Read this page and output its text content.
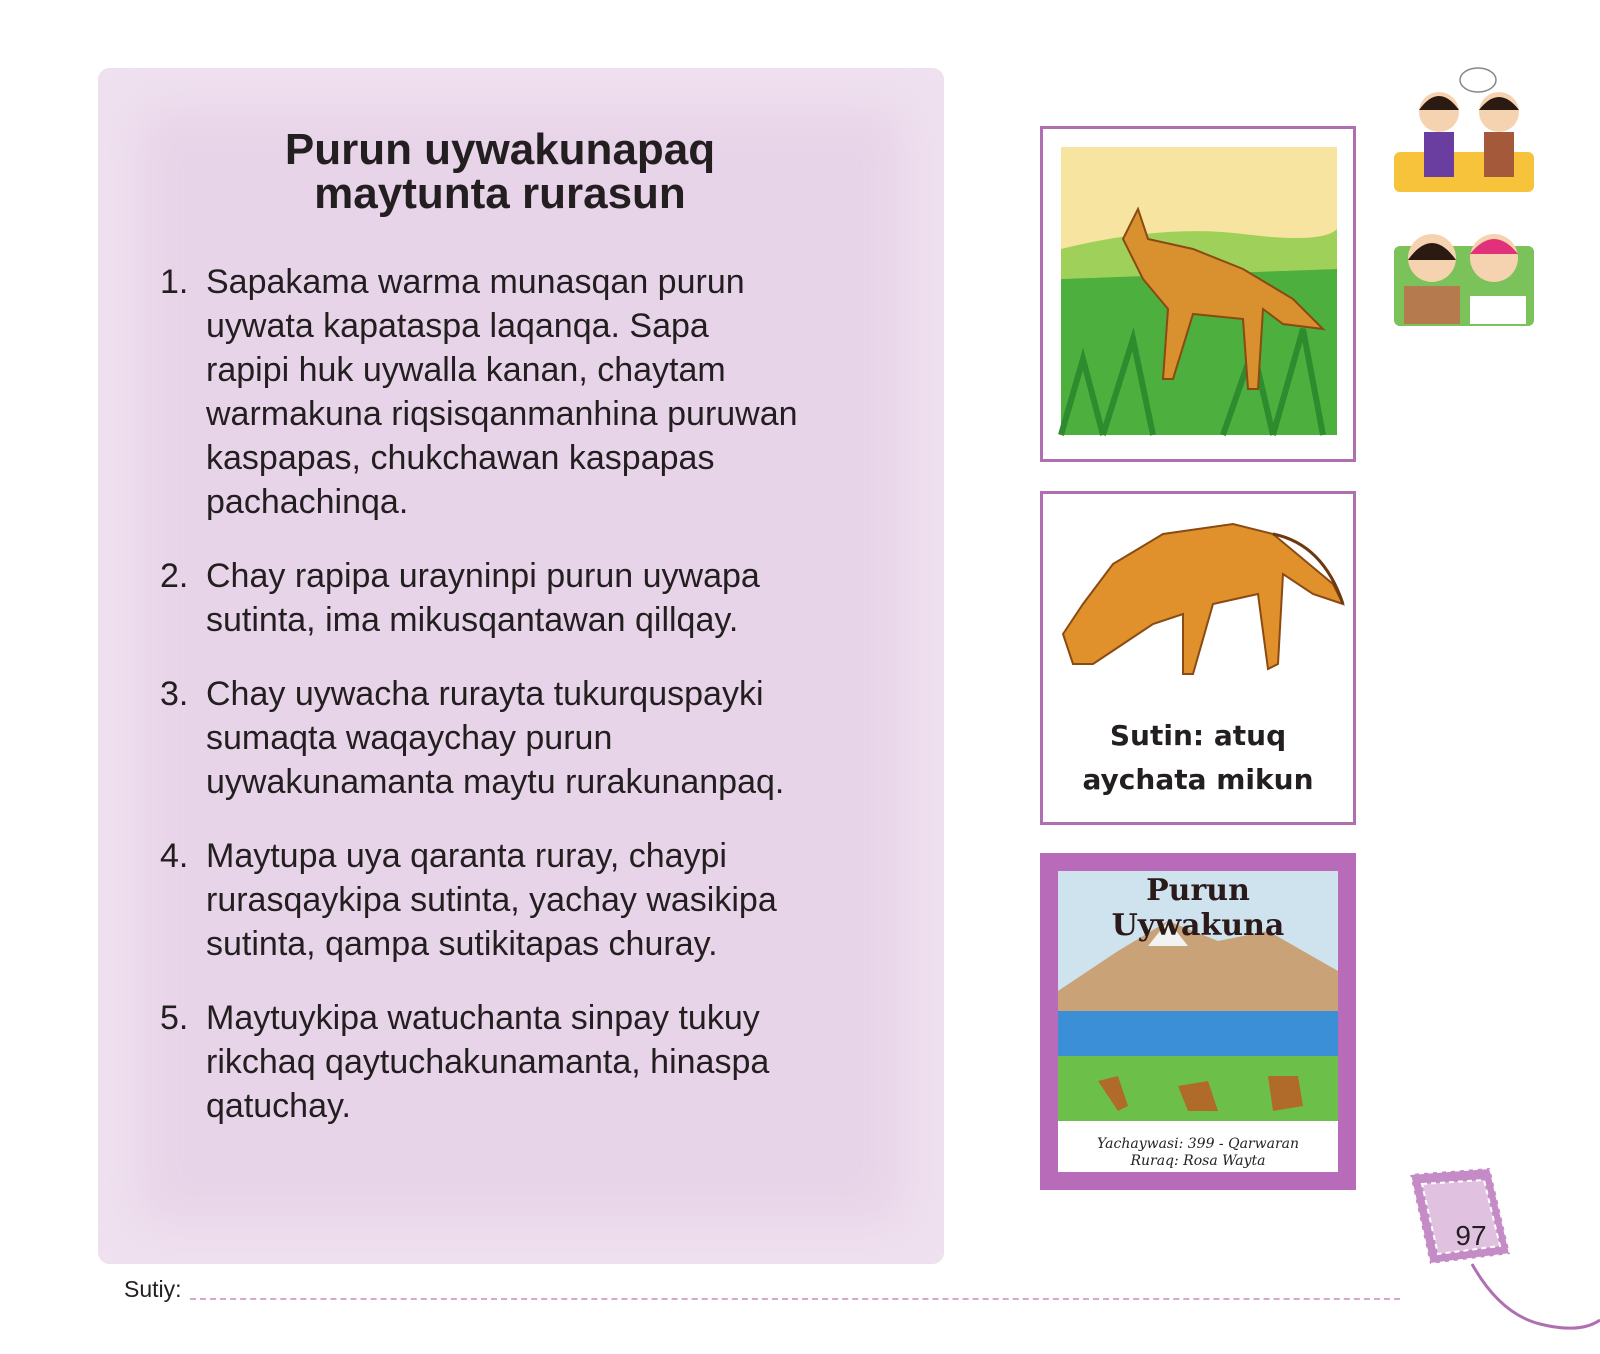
Purun uywakunapaq
maytunta rurasun
1. Sapakama warma munasqan purun
uywata kapataspa laqanqa. Sapa
rapipi huk uywalla kanan, chaytam
warmakuna riqsisqanmanhina puruwan
kaspapas, chukchawan kaspapas
pachachinqa.
2. Chay rapipa urayninpi purun uywapa
sutinta, ima mikusqantawan qillqay.
3. Chay uywacha rurayta tukurquspayki
sumaqta waqaychay purun
uywakunamanta maytu rurakunanpaq.
4. Maytupa uya qaranta ruray, chaypi
rurasqaykipa sutinta, yachay wasikipa
sutinta, qampa sutikitapas churay.
5. Maytuykipa watuchanta sinpay tukuy
rikchaq qaytuchakunamanta, hinaspa
qatuchay.
Sutin: atuq
aychata mikun
Purun Uywakuna
Yachaywasi: 399 - Qarwaran
Ruraq: Rosa Wayta
Sutiy:
97
